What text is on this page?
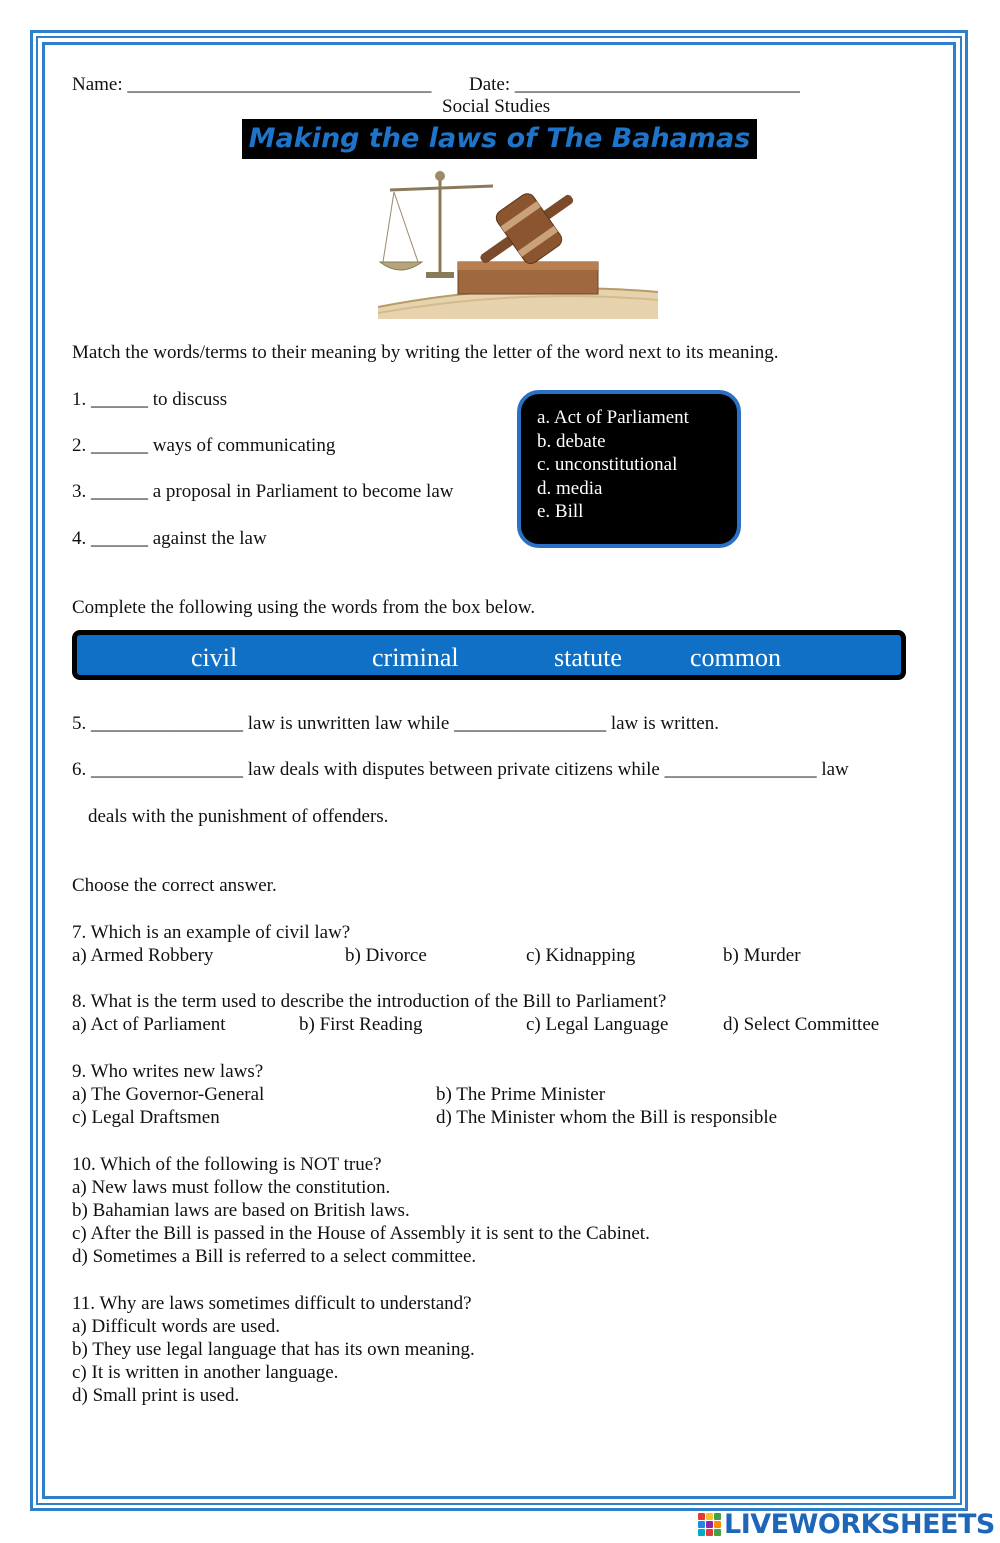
Name: ________________________________ Date: ______________________________
Social Studies
Making the laws of The Bahamas
Match the words/terms to their meaning by writing the letter of the word next to its meaning.
1. ______ to discuss
2. ______ ways of communicating
3. ______ a proposal in Parliament to become law
4. ______ against the law
a. Act of Parliament
b. debate
c. unconstitutional
d. media
e. Bill
Complete the following using the words from the box below.
civil	criminal	statute	common
5. ________________ law is unwritten law while ________________ law is written.
6. ________________ law deals with disputes between private citizens while ________________ law
deals with the punishment of offenders.
Choose the correct answer.
7. Which is an example of civil law?
a) Armed Robbery	b) Divorce	c) Kidnapping	b) Murder
8. What is the term used to describe the introduction of the Bill to Parliament?
a) Act of Parliament	b) First Reading	c) Legal Language	d) Select Committee
9. Who writes new laws?
a) The Governor-General	b) The Prime Minister
c) Legal Draftsmen	d) The Minister whom the Bill is responsible
10. Which of the following is NOT true?
a) New laws must follow the constitution.
b) Bahamian laws are based on British laws.
c) After the Bill is passed in the House of Assembly it is sent to the Cabinet.
d) Sometimes a Bill is referred to a select committee.
11. Why are laws sometimes difficult to understand?
a) Difficult words are used.
b) They use legal language that has its own meaning.
c) It is written in another language.
d) Small print is used.
LIVEWORKSHEETS
